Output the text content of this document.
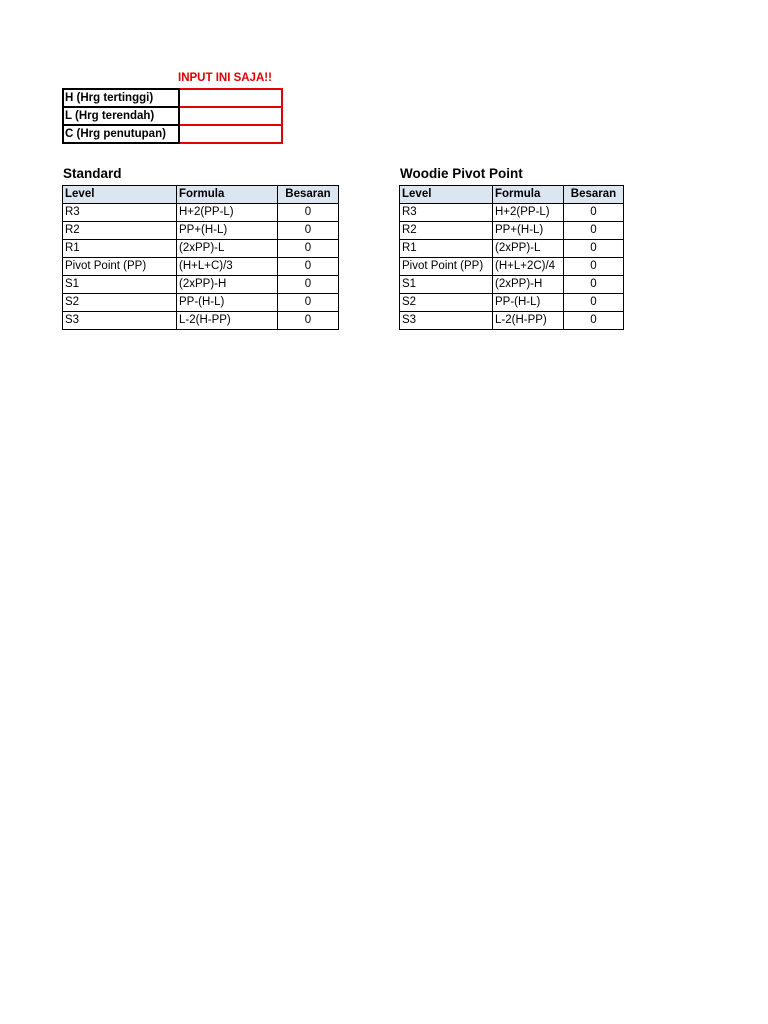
INPUT INI SAJA!!
H (Hrg tertinggi)	
L (Hrg terendah)	
C (Hrg penutupan)	
Standard
Level	Formula	Besaran
R3	H+2(PP-L)	0
R2	PP+(H-L)	0
R1	(2xPP)-L	0
Pivot Point (PP)	(H+L+C)/3	0
S1	(2xPP)-H	0
S2	PP-(H-L)	0
S3	L-2(H-PP)	0
Woodie Pivot Point
Level	Formula	Besaran
R3	H+2(PP-L)	0
R2	PP+(H-L)	0
R1	(2xPP)-L	0
Pivot Point (PP)	(H+L+2C)/4	0
S1	(2xPP)-H	0
S2	PP-(H-L)	0
S3	L-2(H-PP)	0
